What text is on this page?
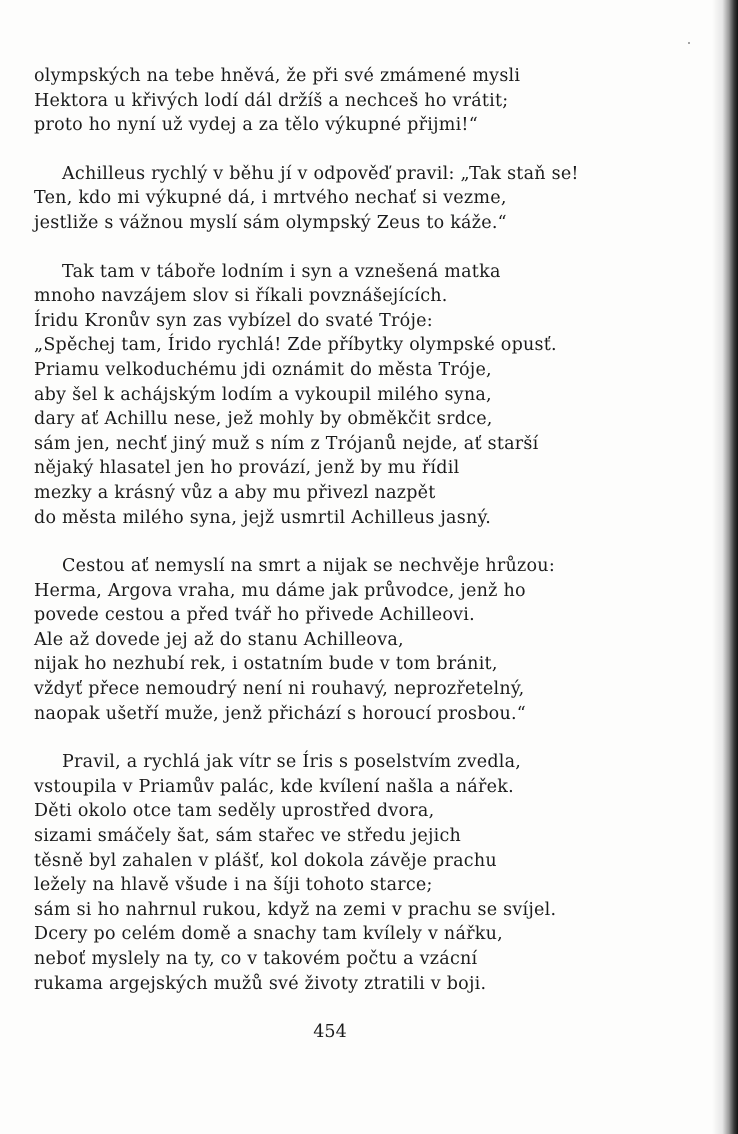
olympských na tebe hněvá, že při své zmámené mysli
Hektora u křivých lodí dál držíš a nechceš ho vrátit;
proto ho nyní už vydej a za tělo výkupné přijmi!“
Achilleus rychlý v běhu jí v odpověď pravil: „Tak staň se!
Ten, kdo mi výkupné dá, i mrtvého nechať si vezme,
jestliže s vážnou myslí sám olympský Zeus to káže.“
Tak tam v táboře lodním i syn a vznešená matka
mnoho navzájem slov si říkali povznášejících.
Íridu Kronův syn zas vybízel do svaté Tróje:
„Spěchej tam, Írido rychlá! Zde příbytky olympské opusť.
Priamu velkoduchému jdi oznámit do města Tróje,
aby šel k achájským lodím a vykoupil milého syna,
dary ať Achillu nese, jež mohly by obměkčit srdce,
sám jen, nechť jiný muž s ním z Trójanů nejde, ať starší
nějaký hlasatel jen ho provází, jenž by mu řídil
mezky a krásný vůz a aby mu přivezl nazpět
do města milého syna, jejž usmrtil Achilleus jasný.
Cestou ať nemyslí na smrt a nijak se nechvěje hrůzou:
Herma, Argova vraha, mu dáme jak průvodce, jenž ho
povede cestou a před tvář ho přivede Achilleovi.
Ale až dovede jej až do stanu Achilleova,
nijak ho nezhubí rek, i ostatním bude v tom bránit,
vždyť přece nemoudrý není ni rouhavý, neprozřetelný,
naopak ušetří muže, jenž přichází s horoucí prosbou.“
Pravil, a rychlá jak vítr se Íris s poselstvím zvedla,
vstoupila v Priamův palác, kde kvílení našla a nářek.
Děti okolo otce tam seděly uprostřed dvora,
sizami smáčely šat, sám stařec ve středu jejich
těsně byl zahalen v plášť, kol dokola závěje prachu
ležely na hlavě všude i na šíji tohoto starce;
sám si ho nahrnul rukou, když na zemi v prachu se svíjel.
Dcery po celém domě a snachy tam kvílely v nářku,
neboť myslely na ty, co v takovém počtu a vzácní
rukama argejských mužů své životy ztratili v boji.
454
